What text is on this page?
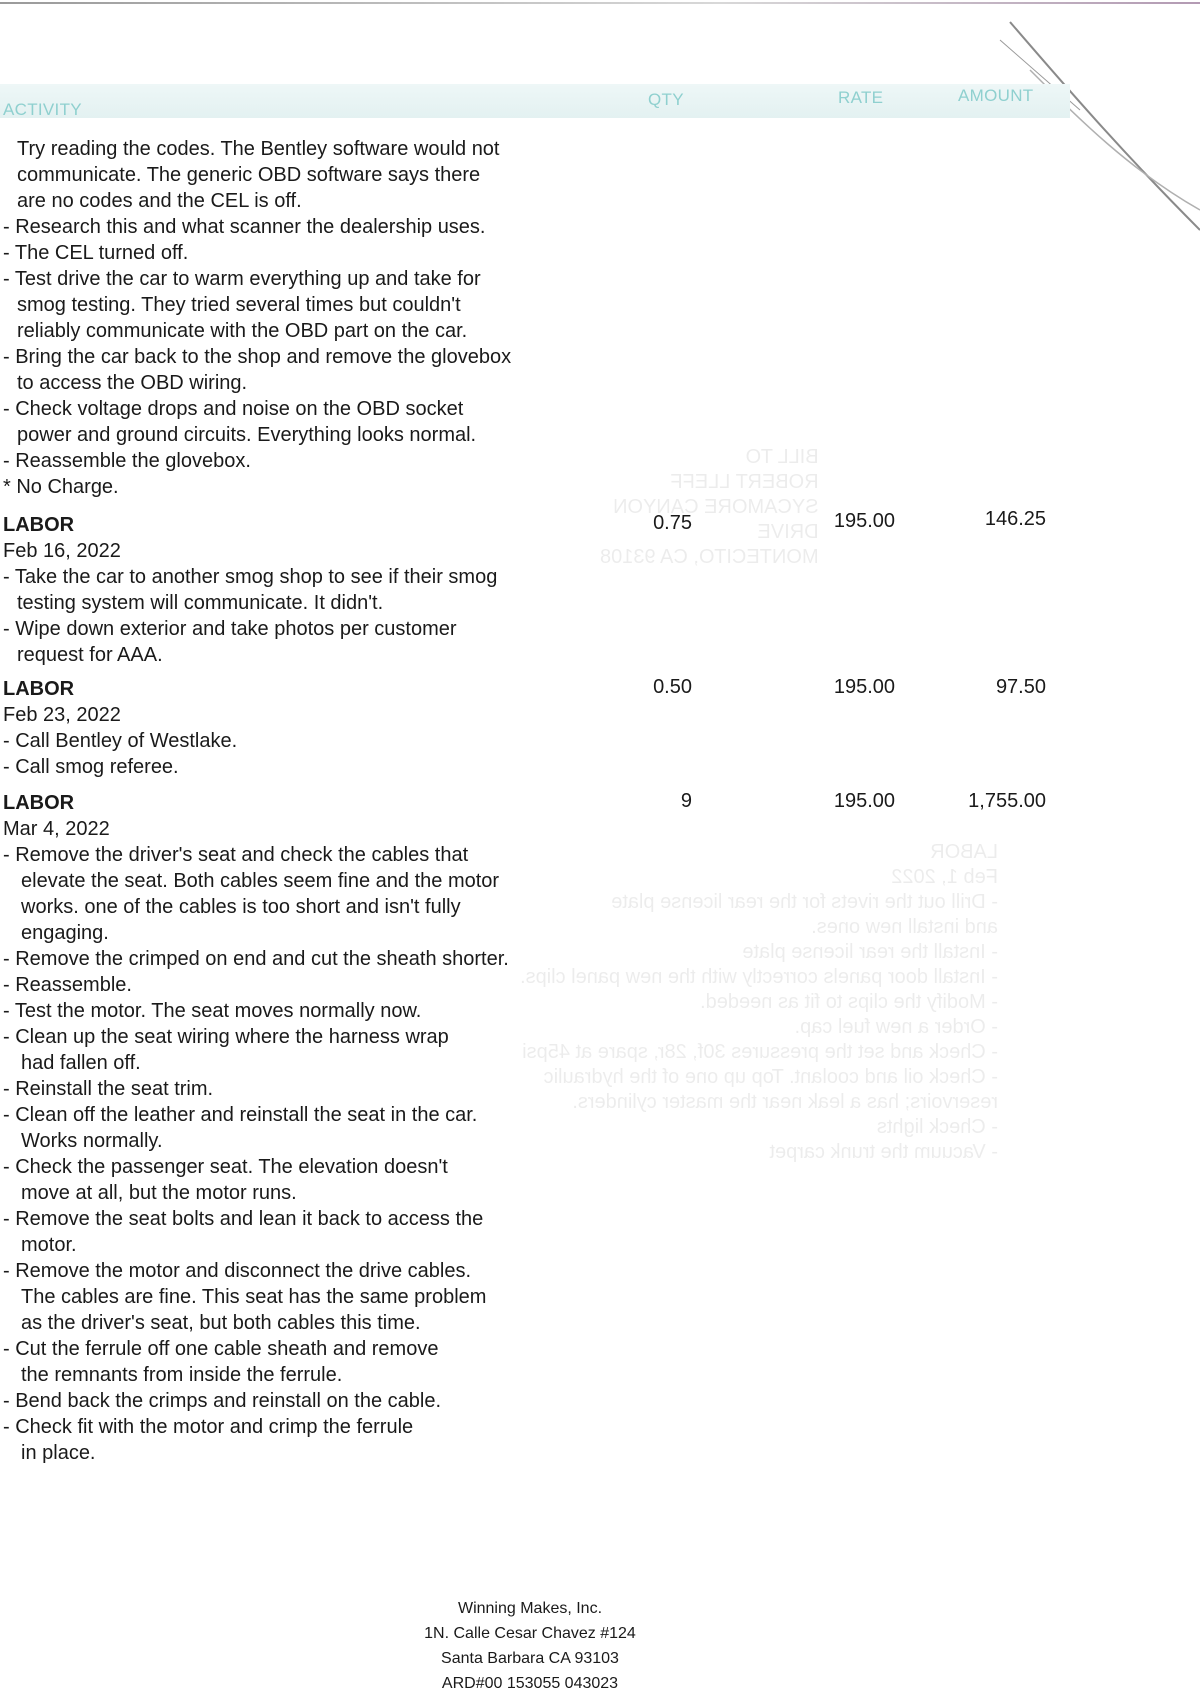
ACTIVITY
QTY	RATE	AMOUNT
BILL TO
ROBERT LLEFF
SYCAMORE CANYON
DRIVE
MONTECITO, CA 93108
LABOR
Feb 1, 2022
- Drill out the rivets for the rear license plate
and install new ones.
- Install the rear license plate
- Install door panels correctly with the new panel clips.
- Modify the clips to fit as needed.
- Order a new fuel cap.
- Check and set the pressures 30f, 28r, spare at 45psi
- Check oil and coolant. Top up one of the hydraulic
reservoirs; has a leak near the master cylinders.
- Check lights
- Vacuum the trunk carpet
Try reading the codes. The Bentley software would not
communicate. The generic OBD software says there
are no codes and the CEL is off.
- Research this and what scanner the dealership uses.
- The CEL turned off.
- Test drive the car to warm everything up and take for
smog testing. They tried several times but couldn't
reliably communicate with the OBD part on the car.
- Bring the car back to the shop and remove the glovebox
to access the OBD wiring.
- Check voltage drops and noise on the OBD socket
power and ground circuits. Everything looks normal.
- Reassemble the glovebox.
* No Charge.
LABOR
Feb 16, 2022
- Take the car to another smog shop to see if their smog
testing system will communicate. It didn't.
- Wipe down exterior and take photos per customer
request for AAA.
0.75	195.00	146.25
LABOR
Feb 23, 2022
- Call Bentley of Westlake.
- Call smog referee.
0.50	195.00	97.50
LABOR
Mar 4, 2022
- Remove the driver's seat and check the cables that
elevate the seat. Both cables seem fine and the motor
works. one of the cables is too short and isn't fully
engaging.
- Remove the crimped on end and cut the sheath shorter.
- Reassemble.
- Test the motor. The seat moves normally now.
- Clean up the seat wiring where the harness wrap
had fallen off.
- Reinstall the seat trim.
- Clean off the leather and reinstall the seat in the car.
Works normally.
- Check the passenger seat. The elevation doesn't
move at all, but the motor runs.
- Remove the seat bolts and lean it back to access the
motor.
- Remove the motor and disconnect the drive cables.
The cables are fine. This seat has the same problem
as the driver's seat, but both cables this time.
- Cut the ferrule off one cable sheath and remove
the remnants from inside the ferrule.
- Bend back the crimps and reinstall on the cable.
- Check fit with the motor and crimp the ferrule
in place.
9	195.00	1,755.00
Winning Makes, Inc.
1N. Calle Cesar Chavez #124
Santa Barbara CA 93103
ARD#00 153055 043023
